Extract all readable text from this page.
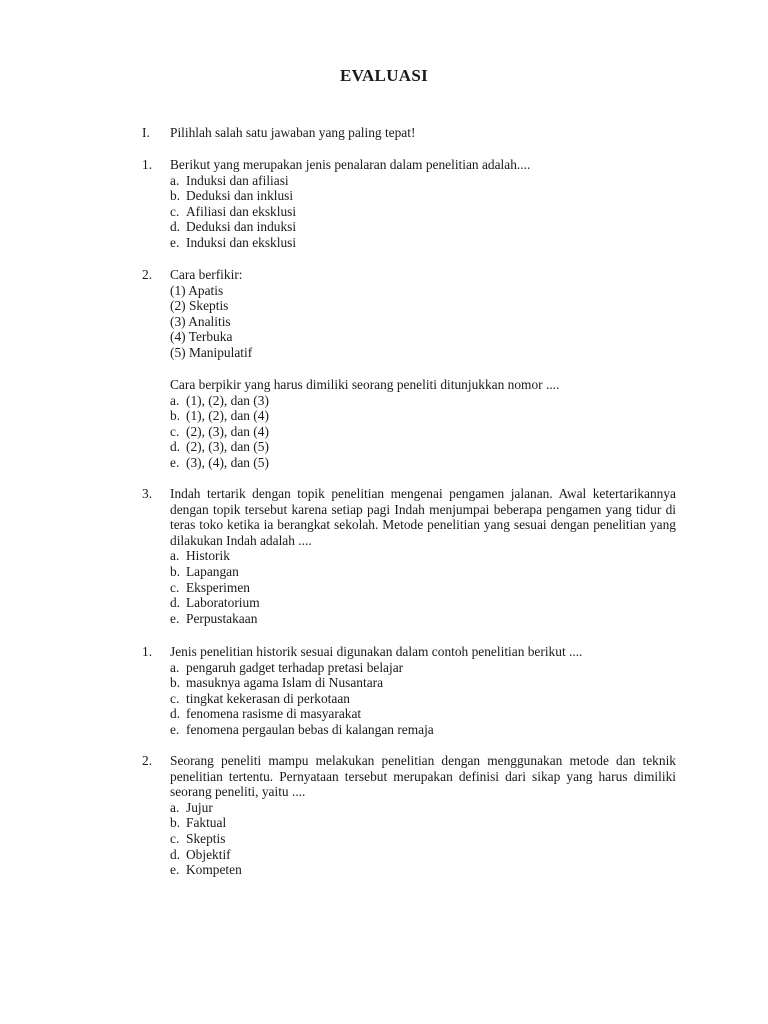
EVALUASI
I. Pilihlah salah satu jawaban yang paling tepat!

1. Berikut yang merupakan jenis penalaran dalam penelitian adalah....

a. Induksi dan afiliasi
b. Deduksi dan inklusi
c. Afiliasi dan eksklusi
d. Deduksi dan induksi
e. Induksi dan eksklusi
2. Cara berfikir:

(1) Apatis
(2) Skeptis
(3) Analitis
(4) Terbuka
(5) Manipulatif

Cara berpikir yang harus dimiliki seorang peneliti ditunjukkan nomor ....

a. (1), (2), dan (3)
b. (1), (2), dan (4)
c. (2), (3), dan (4)
d. (2), (3), dan (5)
e. (3), (4), dan (5)
3. Indah tertarik dengan topik penelitian mengenai pengamen jalanan. Awal ketertarikannya dengan topik tersebut karena setiap pagi Indah menjumpai beberapa pengamen yang tidur di teras toko ketika ia berangkat sekolah. Metode penelitian yang sesuai dengan penelitian yang dilakukan Indah adalah ....

a. Historik
b. Lapangan
c. Eksperimen
d. Laboratorium
e. Perpustakaan
1. Jenis penelitian historik sesuai digunakan dalam contoh penelitian berikut ....

a. pengaruh gadget terhadap pretasi belajar
b. masuknya agama Islam di Nusantara
c. tingkat kekerasan di perkotaan
d. fenomena rasisme di masyarakat
e. fenomena pergaulan bebas di kalangan remaja
2. Seorang peneliti mampu melakukan penelitian dengan menggunakan metode dan teknik penelitian tertentu. Pernyataan tersebut merupakan definisi dari sikap yang harus dimiliki seorang peneliti, yaitu ....

a. Jujur
b. Faktual
c. Skeptis
d. Objektif
e. Kompeten
